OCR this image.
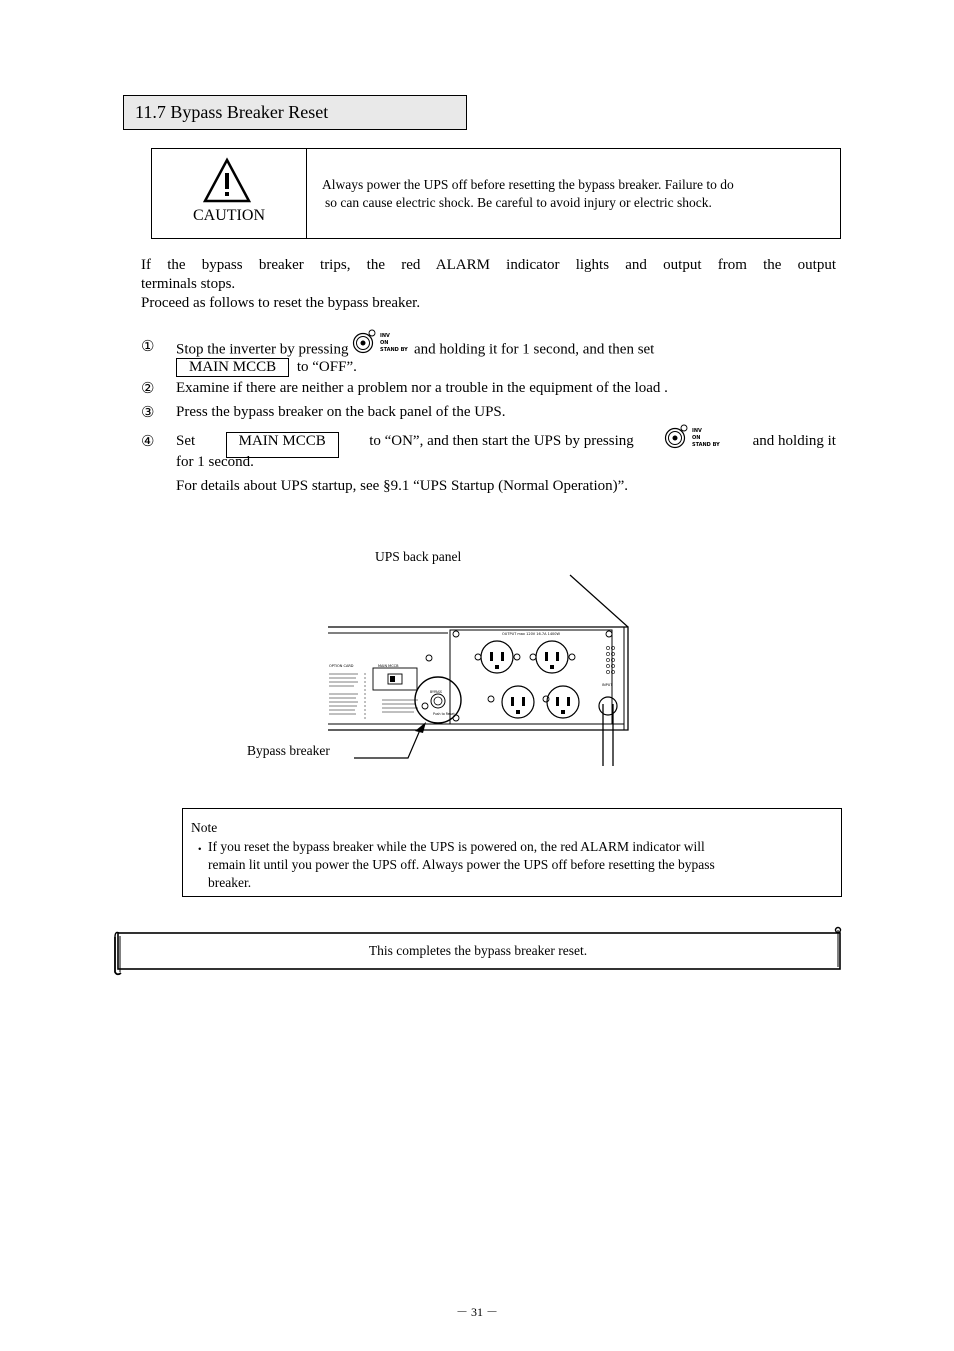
11.7 Bypass Breaker Reset
CAUTION
Always power the UPS off before resetting the bypass breaker. Failure to do
so can cause electric shock. Be careful to avoid injury or electric shock.
If the bypass breaker trips, the red ALARM indicator lights and output from the output
terminals stops.
Proceed as follows to reset the bypass breaker.
① Stop the inverter by pressing
INV
ON
STAND BY and holding it for 1 second, and then set
MAIN MCCB to “OFF”.
② Examine if there are neither a problem nor a trouble in the equipment of the load .
③ Press the bypass breaker on the back panel of the UPS.
④ Set	MAIN MCCB	to “ON”, and then start the UPS by pressing
INV
ON
STAND BY and holding it
for 1 second.
For details about UPS startup, see §9.1 “UPS Startup (Normal Operation)”.
UPS back panel
Bypass breaker
OUTPUT max 120V 16.7A 1400W
INPUT
OPTION CARD	MAIN MCCB
BYPASS
Push to Reset
Note
・ If you reset the bypass breaker while the UPS is powered on, the red ALARM indicator will
remain lit until you power the UPS off. Always power the UPS off before resetting the bypass
breaker.
This completes the bypass breaker reset.
－ 31 －
